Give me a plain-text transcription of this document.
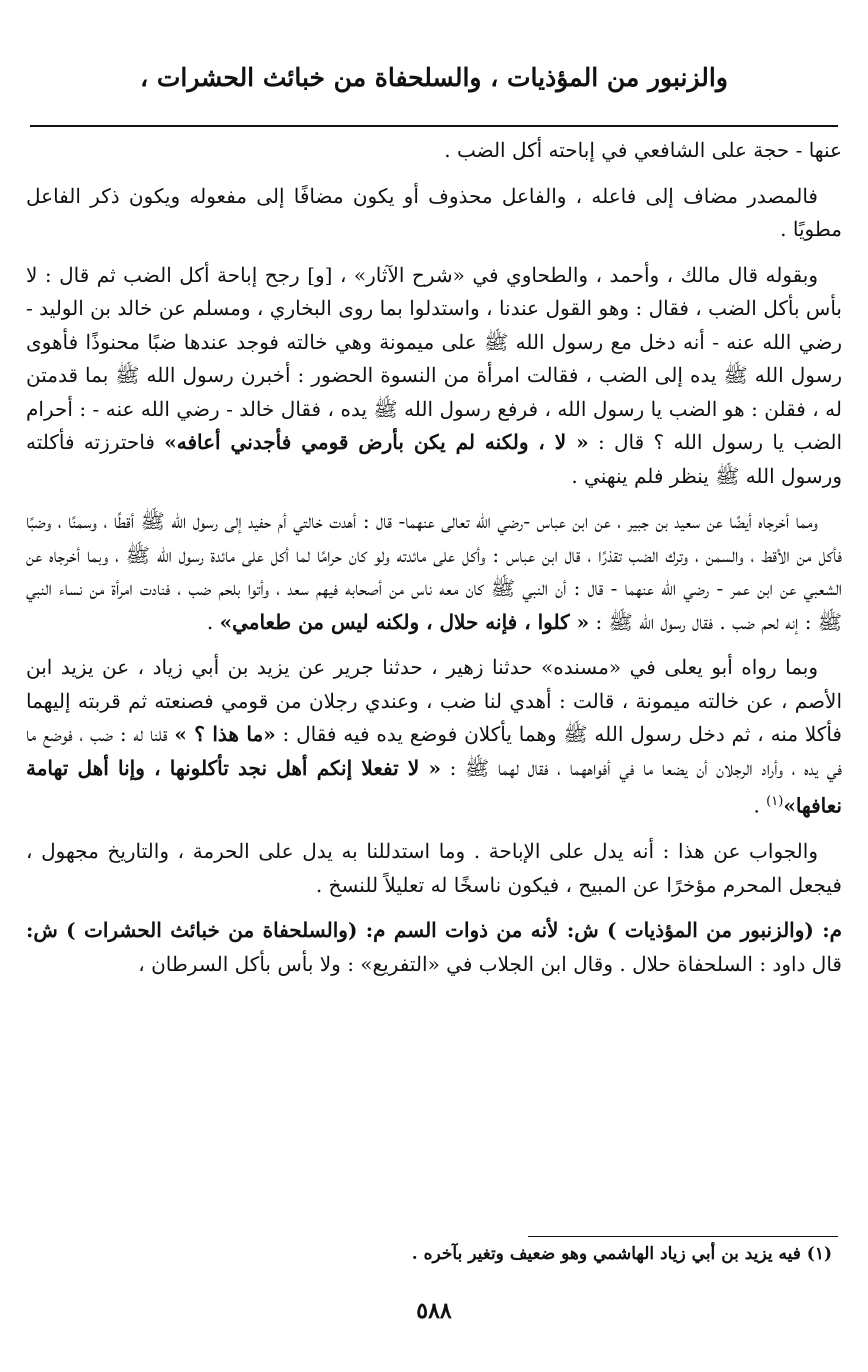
والزنبور من المؤذيات ، والسلحفاة من خبائث الحشرات ،

عنها - حجة على الشافعي في إباحته أكل الضب .

فالمصدر مضاف إلى فاعله ، والفاعل محذوف أو يكون مضافًا إلى مفعوله ويكون ذكر الفاعل مطويًا .

وبقوله قال مالك ، وأحمد ، والطحاوي في «شرح الآثار» ، [و] رجح إباحة أكل الضب ثم قال : لا بأس بأكل الضب ، فقال : وهو القول عندنا ، واستدلوا بما روى البخاري ، ومسلم عن خالد بن الوليد - رضي الله عنه - أنه دخل مع رسول الله ﷺ على ميمونة وهي خالته فوجد عندها ضبًا محنوذًا فأهوى رسول الله ﷺ يده إلى الضب ، فقالت امرأة من النسوة الحضور : أخبرن رسول الله ﷺ بما قدمتن له ، فقلن : هو الضب يا رسول الله ، فرفع رسول الله ﷺ يده ، فقال خالد - رضي الله عنه - : أحرام الضب يا رسول الله ؟ قال : « لا ، ولكنه لم يكن بأرض قومي فأجدني أعافه» فاحترزته فأكلته ورسول الله ﷺ ينظر فلم ينهني .

ومما أخرجاه أيضًا عن سعيد بن جبير ، عن ابن عباس -رضي الله تعالى عنهما- قال : أهدت خالتي أم حفيد إلى رسول الله ﷺ أقطًا ، وسمنًا ، وضبًا فأكل من الأقط ، والسمن ، وترك الضب تقذرًا ، قال ابن عباس : وأكل على مائدته ولو كان حرامًا لما أكل على مائدة رسول الله ﷺ ، وبما أخرجاه عن الشعبي عن ابن عمر - رضي الله عنهما - قال : أن النبي ﷺ كان معه ناس من أصحابه فيهم سعد ، وأتوا بلحم ضب ، فنادت امرأة من نساء النبي ﷺ : إنه لحم ضب . فقال رسول الله ﷺ : « كلوا ، فإنه حلال ، ولكنه ليس من طعامي» .

وبما رواه أبو يعلى في «مسنده» حدثنا زهير ، حدثنا جرير عن يزيد بن أبي زياد ، عن يزيد ابن الأصم ، عن خالته ميمونة ، قالت : أهدي لنا ضب ، وعندي رجلان من قومي فصنعته ثم قربته إليهما فأكلا منه ، ثم دخل رسول الله ﷺ وهما يأكلان فوضع يده فيه فقال : «ما هذا ؟ » قلنا له : ضب ، فوضع ما في يده ، وأراد الرجلان أن يضعا ما في أفواههما ، فقال لهما ﷺ : « لا تفعلا إنكم أهل نجد تأكلونها ، وإنا أهل تهامة نعافها»$^{(١)}$ .

والجواب عن هذا : أنه يدل على الإباحة . وما استدللنا به يدل على الحرمة ، والتاريخ مجهول ، فيجعل المحرم مؤخرًا عن المبيح ، فيكون ناسخًا له تعليلاً للنسخ .

م: (والزنبور من المؤذيات ) ش: لأنه من ذوات السم م: (والسلحفاة من خبائث الحشرات ) ش: قال داود : السلحفاة حلال . وقال ابن الجلاب في «التفريع» : ولا بأس بأكل السرطان ،

(١) فيه يزيد بن أبي زياد الهاشمي وهو ضعيف وتغير بآخره .
٥٨٨
